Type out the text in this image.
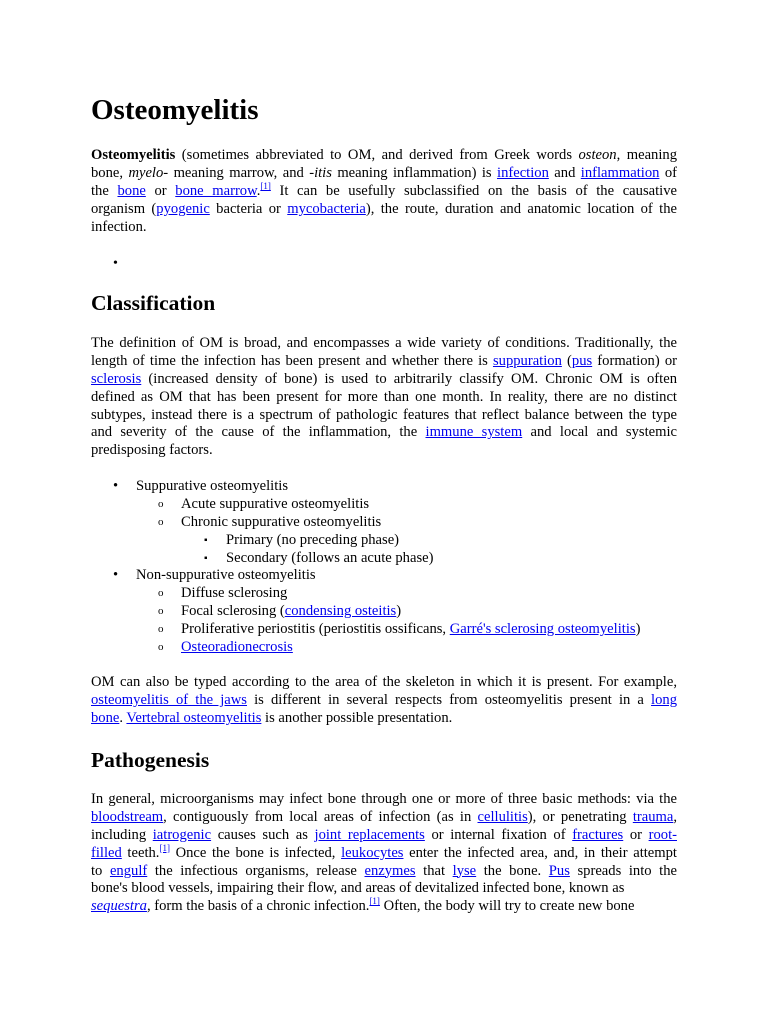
Osteomyelitis
Osteomyelitis (sometimes abbreviated to OM, and derived from Greek words osteon, meaning
bone, myelo- meaning marrow, and -itis meaning inflammation) is infection and inflammation of
the bone or bone marrow.[1] It can be usefully subclassified on the basis of the causative
organism (pyogenic bacteria or mycobacteria), the route, duration and anatomic location of the
infection.
•
Classification
The definition of OM is broad, and encompasses a wide variety of conditions. Traditionally, the
length of time the infection has been present and whether there is suppuration (pus formation) or
sclerosis (increased density of bone) is used to arbitrarily classify OM. Chronic OM is often
defined as OM that has been present for more than one month. In reality, there are no distinct
subtypes, instead there is a spectrum of pathologic features that reflect balance between the type
and severity of the cause of the inflammation, the immune system and local and systemic
predisposing factors.
• Suppurative osteomyelitis
o Acute suppurative osteomyelitis
o Chronic suppurative osteomyelitis
▪ Primary (no preceding phase)
▪ Secondary (follows an acute phase)
• Non-suppurative osteomyelitis
o Diffuse sclerosing
o Focal sclerosing (condensing osteitis)
o Proliferative periostitis (periostitis ossificans, Garré's sclerosing osteomyelitis)
o Osteoradionecrosis
OM can also be typed according to the area of the skeleton in which it is present. For example,
osteomyelitis of the jaws is different in several respects from osteomyelitis present in a long
bone. Vertebral osteomyelitis is another possible presentation.
Pathogenesis
In general, microorganisms may infect bone through one or more of three basic methods: via the
bloodstream, contiguously from local areas of infection (as in cellulitis), or penetrating trauma,
including iatrogenic causes such as joint replacements or internal fixation of fractures or root-
filled teeth.[1] Once the bone is infected, leukocytes enter the infected area, and, in their attempt
to engulf the infectious organisms, release enzymes that lyse the bone. Pus spreads into the
bone's blood vessels, impairing their flow, and areas of devitalized infected bone, known as
sequestra, form the basis of a chronic infection.[1] Often, the body will try to create new bone
